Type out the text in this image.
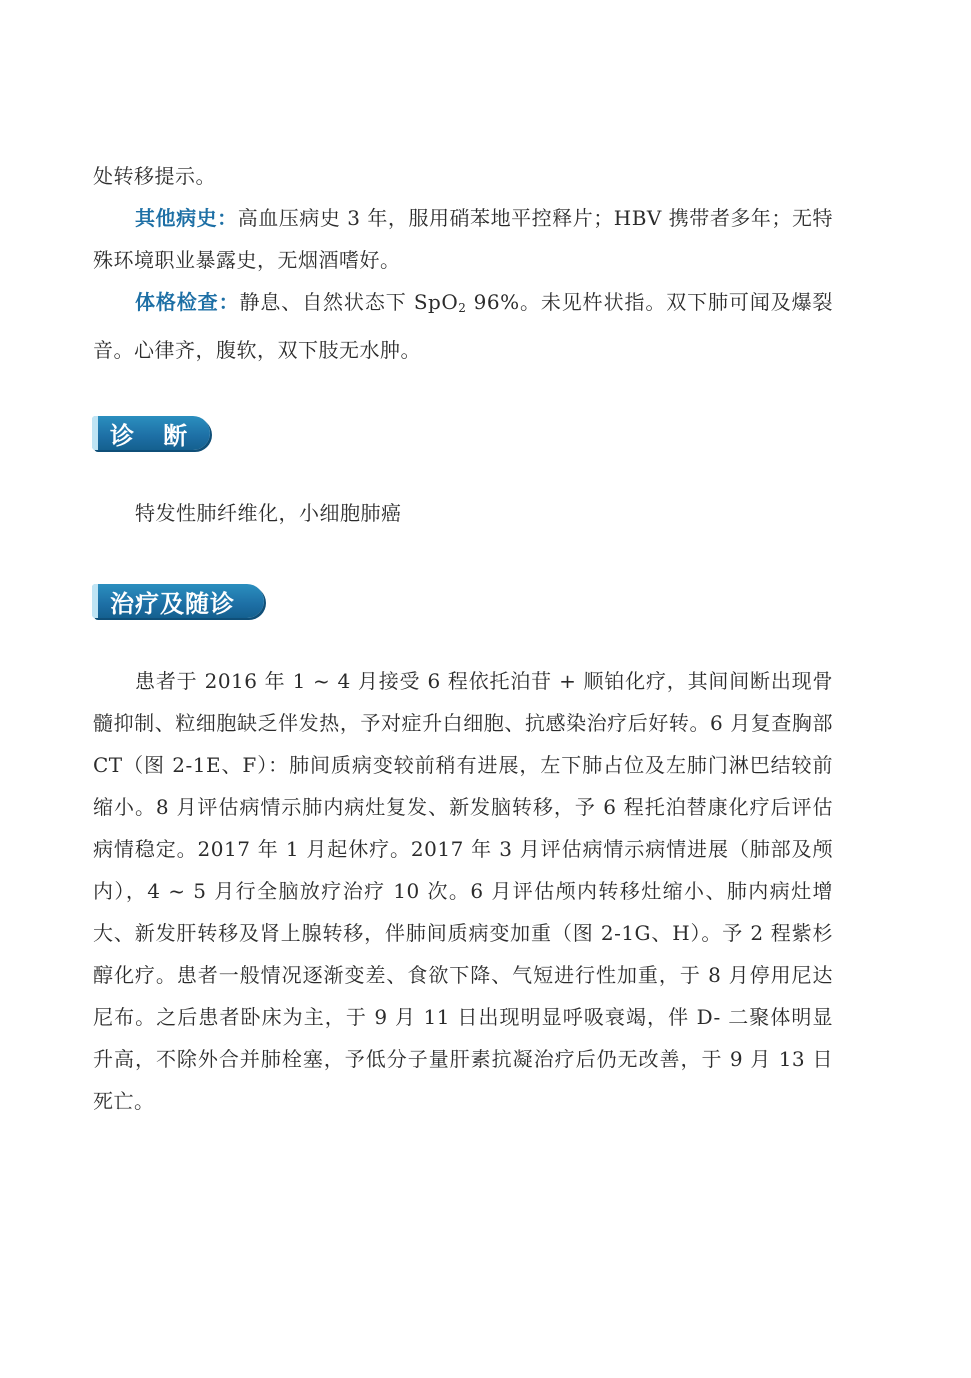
处转移提示。

其他病史：高血压病史 3 年，服用硝苯地平控释片；HBV 携带者多年；无特殊环境职业暴露史，无烟酒嗜好。

体格检查：静息、自然状态下 SpO$_2$ 96%。未见杵状指。双下肺可闻及爆裂音。心律齐，腹软，双下肢无水肿。

诊   断

特发性肺纤维化，小细胞肺癌

治疗及随诊

患者于 2016 年 1 ~ 4 月接受 6 程依托泊苷 + 顺铂化疗，其间间断出现骨髓抑制、粒细胞缺乏伴发热，予对症升白细胞、抗感染治疗后好转。6 月复查胸部 CT（图 2-1E、F）：肺间质病变较前稍有进展，左下肺占位及左肺门淋巴结较前缩小。8 月评估病情示肺内病灶复发、新发脑转移，予 6 程托泊替康化疗后评估病情稳定。2017 年 1 月起休疗。2017 年 3 月评估病情示病情进展（肺部及颅内），4 ~ 5 月行全脑放疗治疗 10 次。6 月评估颅内转移灶缩小、肺内病灶增大、新发肝转移及肾上腺转移，伴肺间质病变加重（图 2-1G、H）。予 2 程紫杉醇化疗。患者一般情况逐渐变差、食欲下降、气短进行性加重，于 8 月停用尼达尼布。之后患者卧床为主，于 9 月 11 日出现明显呼吸衰竭，伴 D- 二聚体明显升高，不除外合并肺栓塞，予低分子量肝素抗凝治疗后仍无改善，于 9 月 13 日死亡。
